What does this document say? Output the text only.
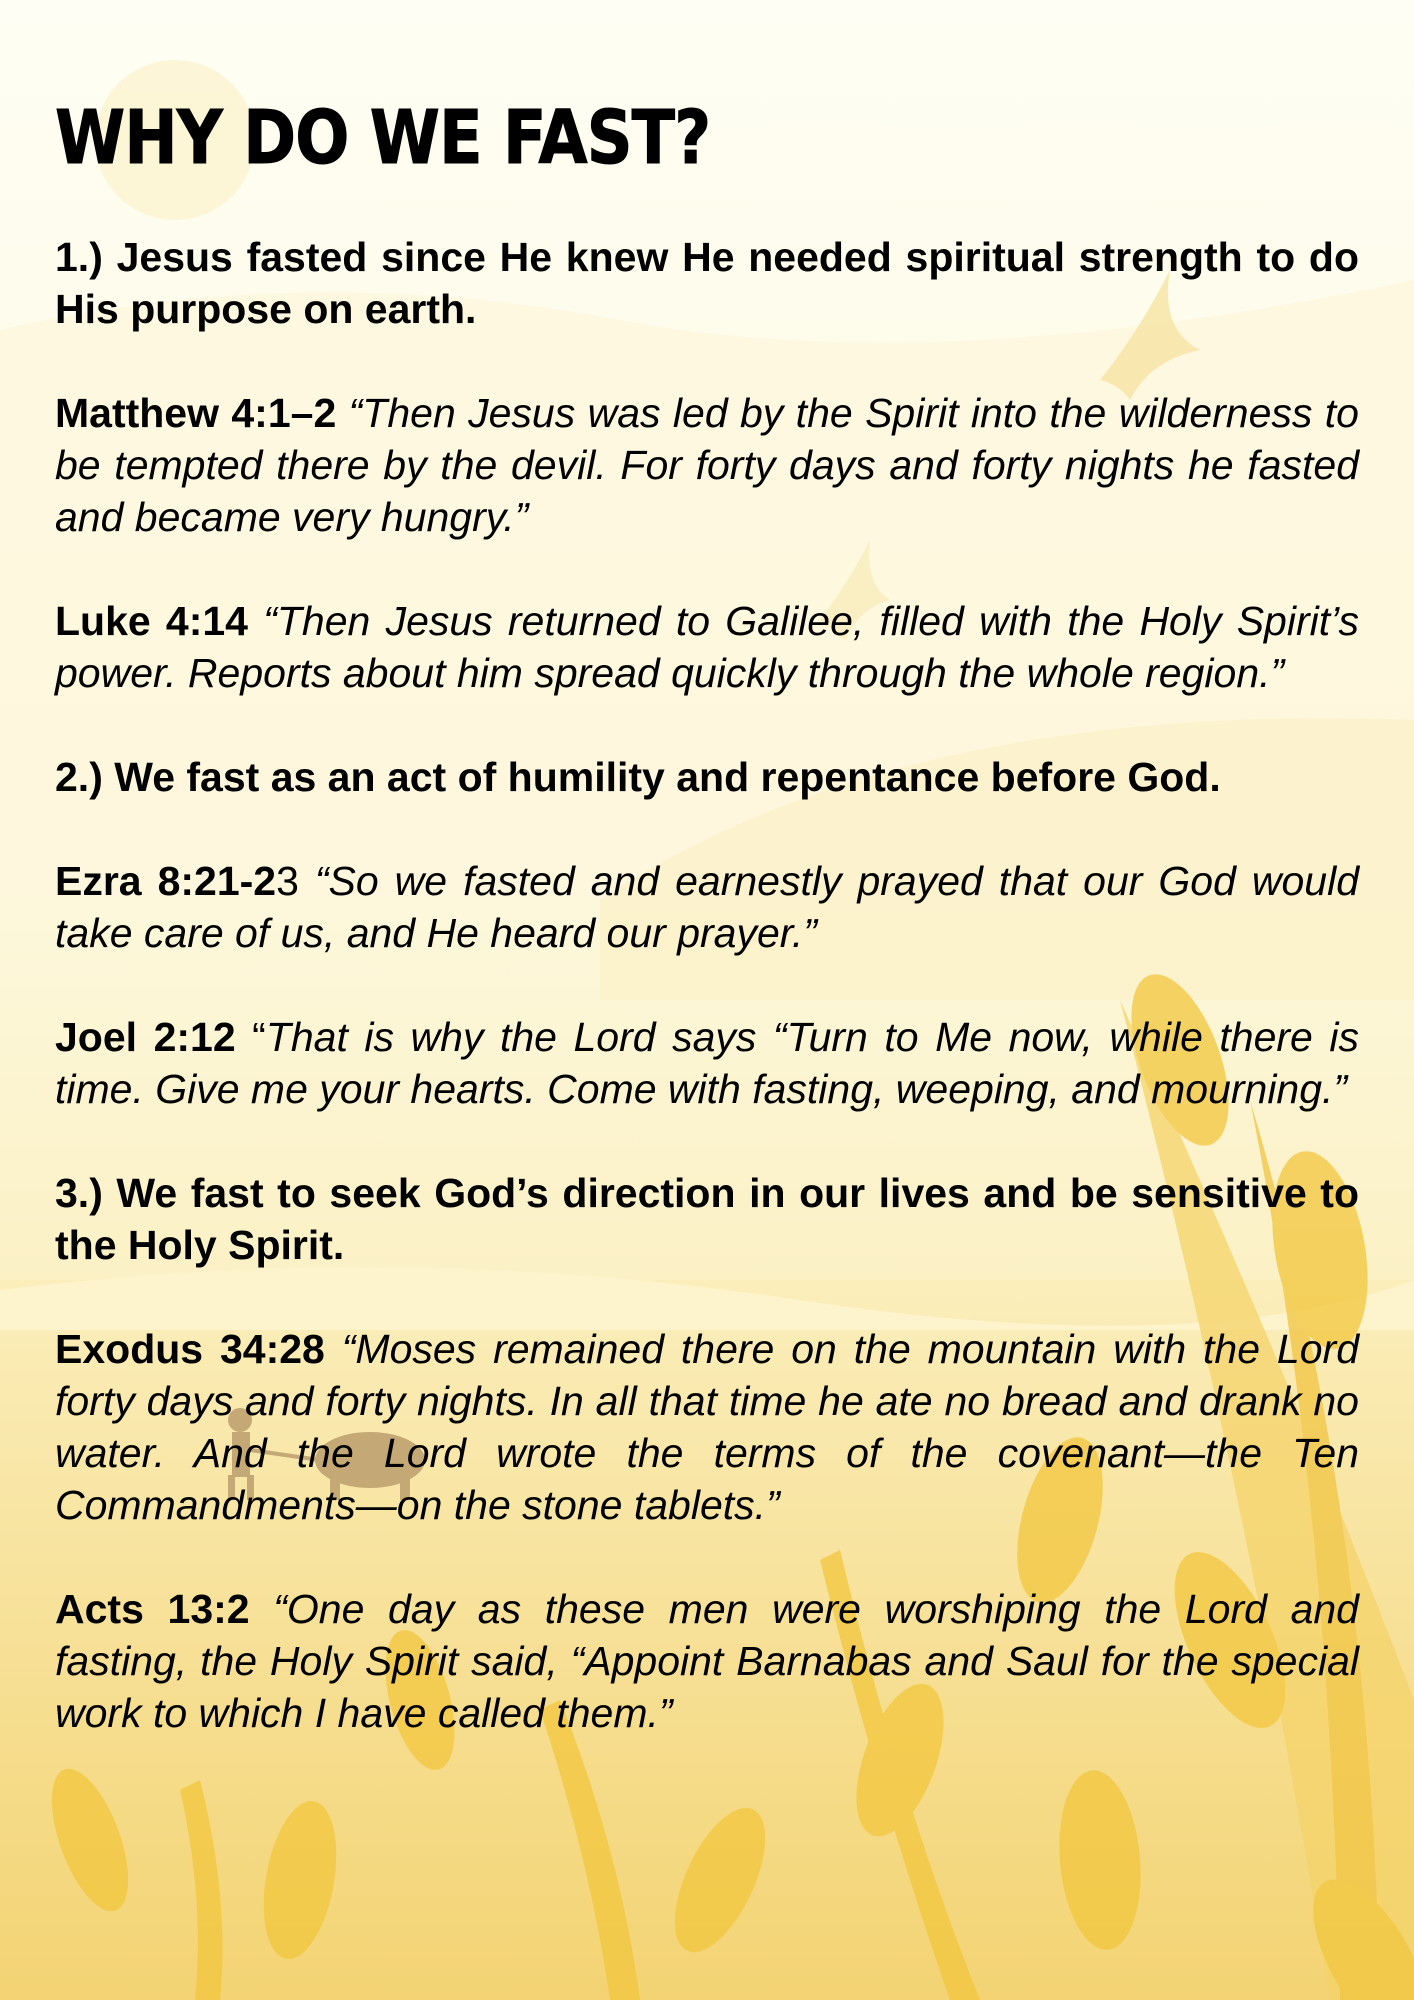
WHY DO WE FAST?

1.) Jesus fasted since He knew He needed spiritual strength to do His purpose on earth.

Matthew 4:1–2 “Then Jesus was led by the Spirit into the wilderness to be tempted there by the devil. For forty days and forty nights he fasted and became very hungry.”

Luke 4:14 “Then Jesus returned to Galilee, filled with the Holy Spirit’s power. Reports about him spread quickly through the whole region.”

2.) We fast as an act of humility and repentance before God.

Ezra 8:21-23 “So we fasted and earnestly prayed that our God would take care of us, and He heard our prayer.”

Joel 2:12 “That is why the Lord says “Turn to Me now, while there is time. Give me your hearts. Come with fasting, weeping, and mourning.”

3.) We fast to seek God’s direction in our lives and be sensitive to the Holy Spirit.

Exodus 34:28 “Moses remained there on the mountain with the Lord forty days and forty nights. In all that time he ate no bread and drank no water. And the Lord wrote the terms of the covenant—the Ten Commandments—on the stone tablets.”

Acts 13:2 “One day as these men were worshiping the Lord and fasting, the Holy Spirit said, “Appoint Barnabas and Saul for the special work to which I have called them.”
